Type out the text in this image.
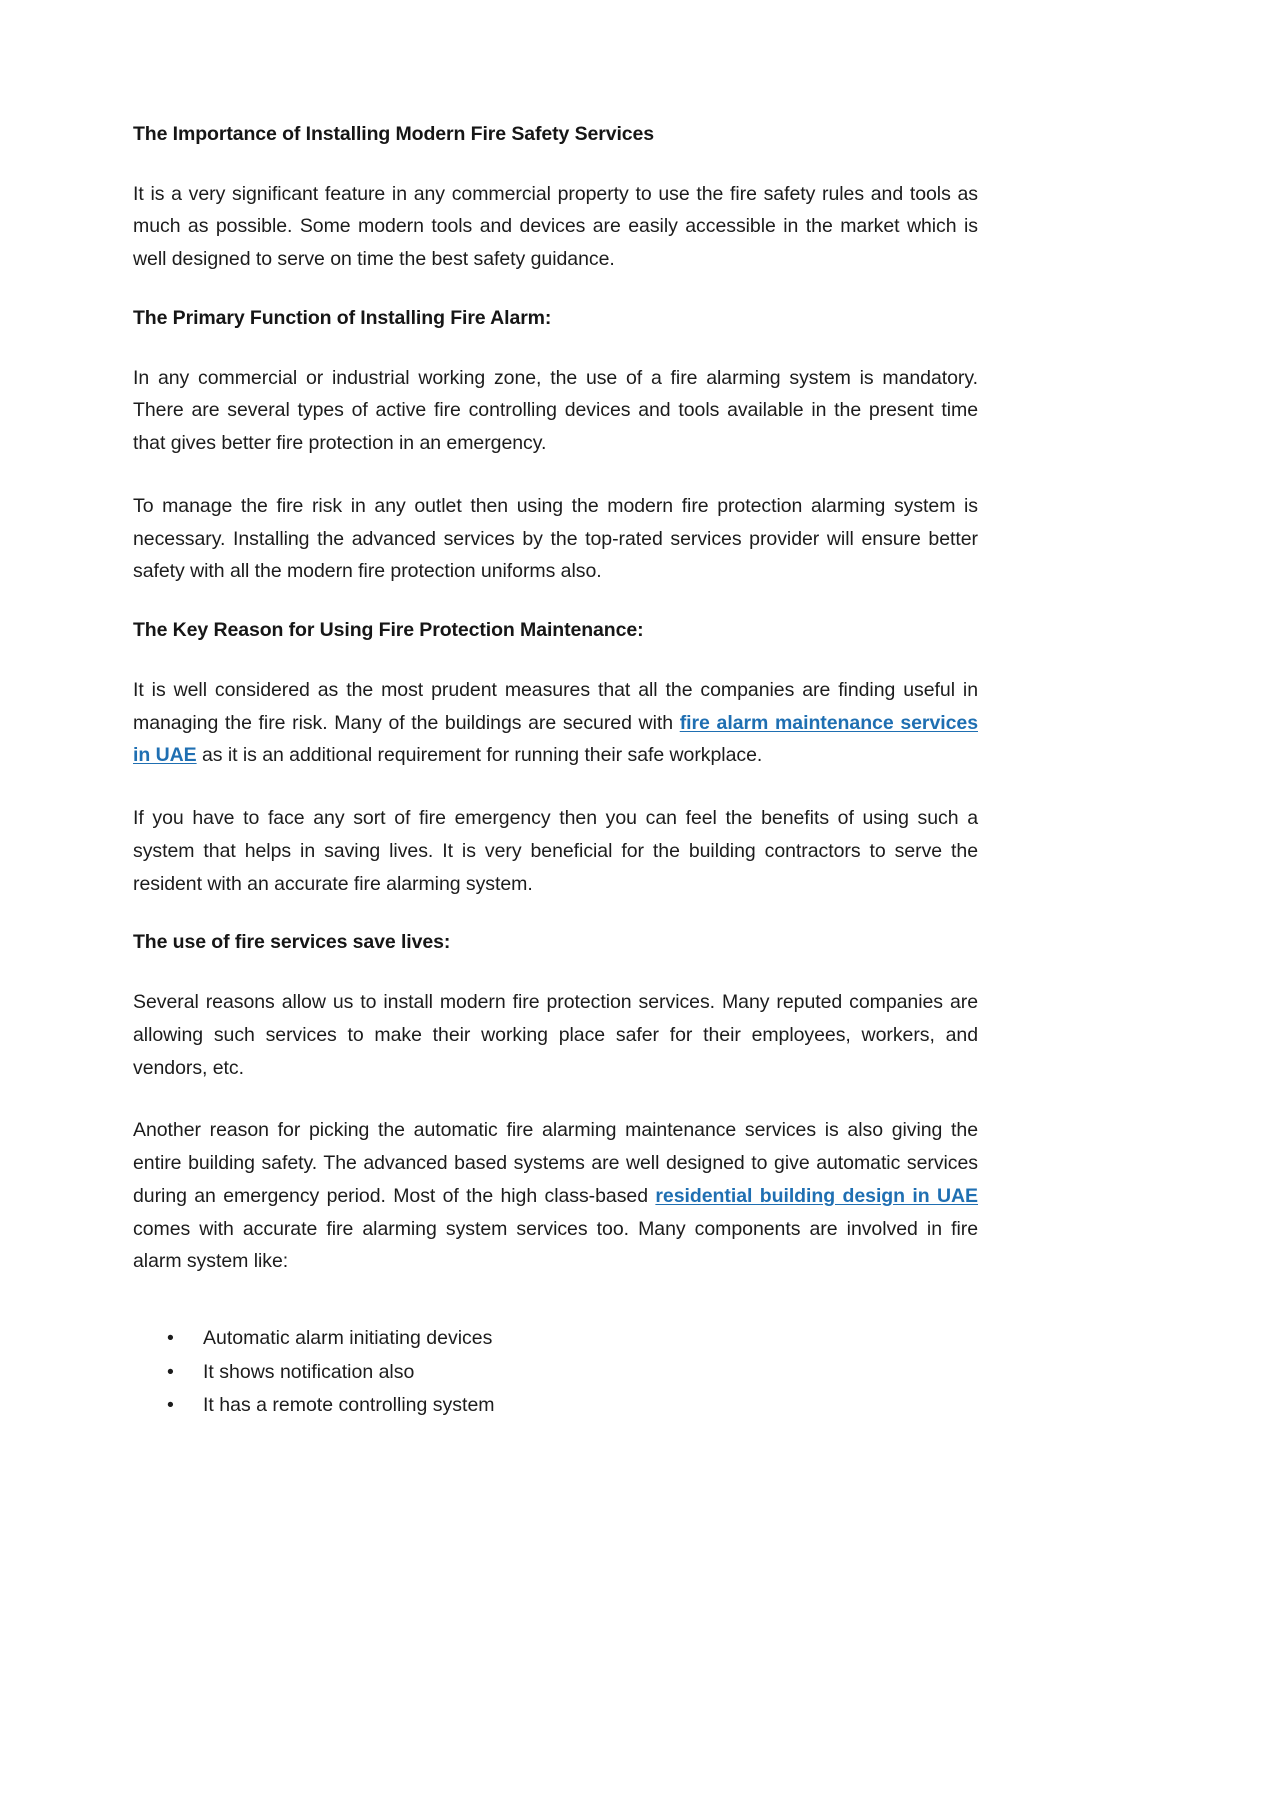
The Importance of Installing Modern Fire Safety Services

It is a very significant feature in any commercial property to use the fire safety rules and tools as much as possible. Some modern tools and devices are easily accessible in the market which is well designed to serve on time the best safety guidance.

The Primary Function of Installing Fire Alarm:

In any commercial or industrial working zone, the use of a fire alarming system is mandatory. There are several types of active fire controlling devices and tools available in the present time that gives better fire protection in an emergency.

To manage the fire risk in any outlet then using the modern fire protection alarming system is necessary. Installing the advanced services by the top-rated services provider will ensure better safety with all the modern fire protection uniforms also.

The Key Reason for Using Fire Protection Maintenance:

It is well considered as the most prudent measures that all the companies are finding useful in managing the fire risk. Many of the buildings are secured with fire alarm maintenance services in UAE as it is an additional requirement for running their safe workplace.

If you have to face any sort of fire emergency then you can feel the benefits of using such a system that helps in saving lives. It is very beneficial for the building contractors to serve the resident with an accurate fire alarming system.

The use of fire services save lives:

Several reasons allow us to install modern fire protection services. Many reputed companies are allowing such services to make their working place safer for their employees, workers, and vendors, etc.

Another reason for picking the automatic fire alarming maintenance services is also giving the entire building safety. The advanced based systems are well designed to give automatic services during an emergency period. Most of the high class-based residential building design in UAE comes with accurate fire alarming system services too. Many components are involved in fire alarm system like:

• Automatic alarm initiating devices
• It shows notification also
• It has a remote controlling system
